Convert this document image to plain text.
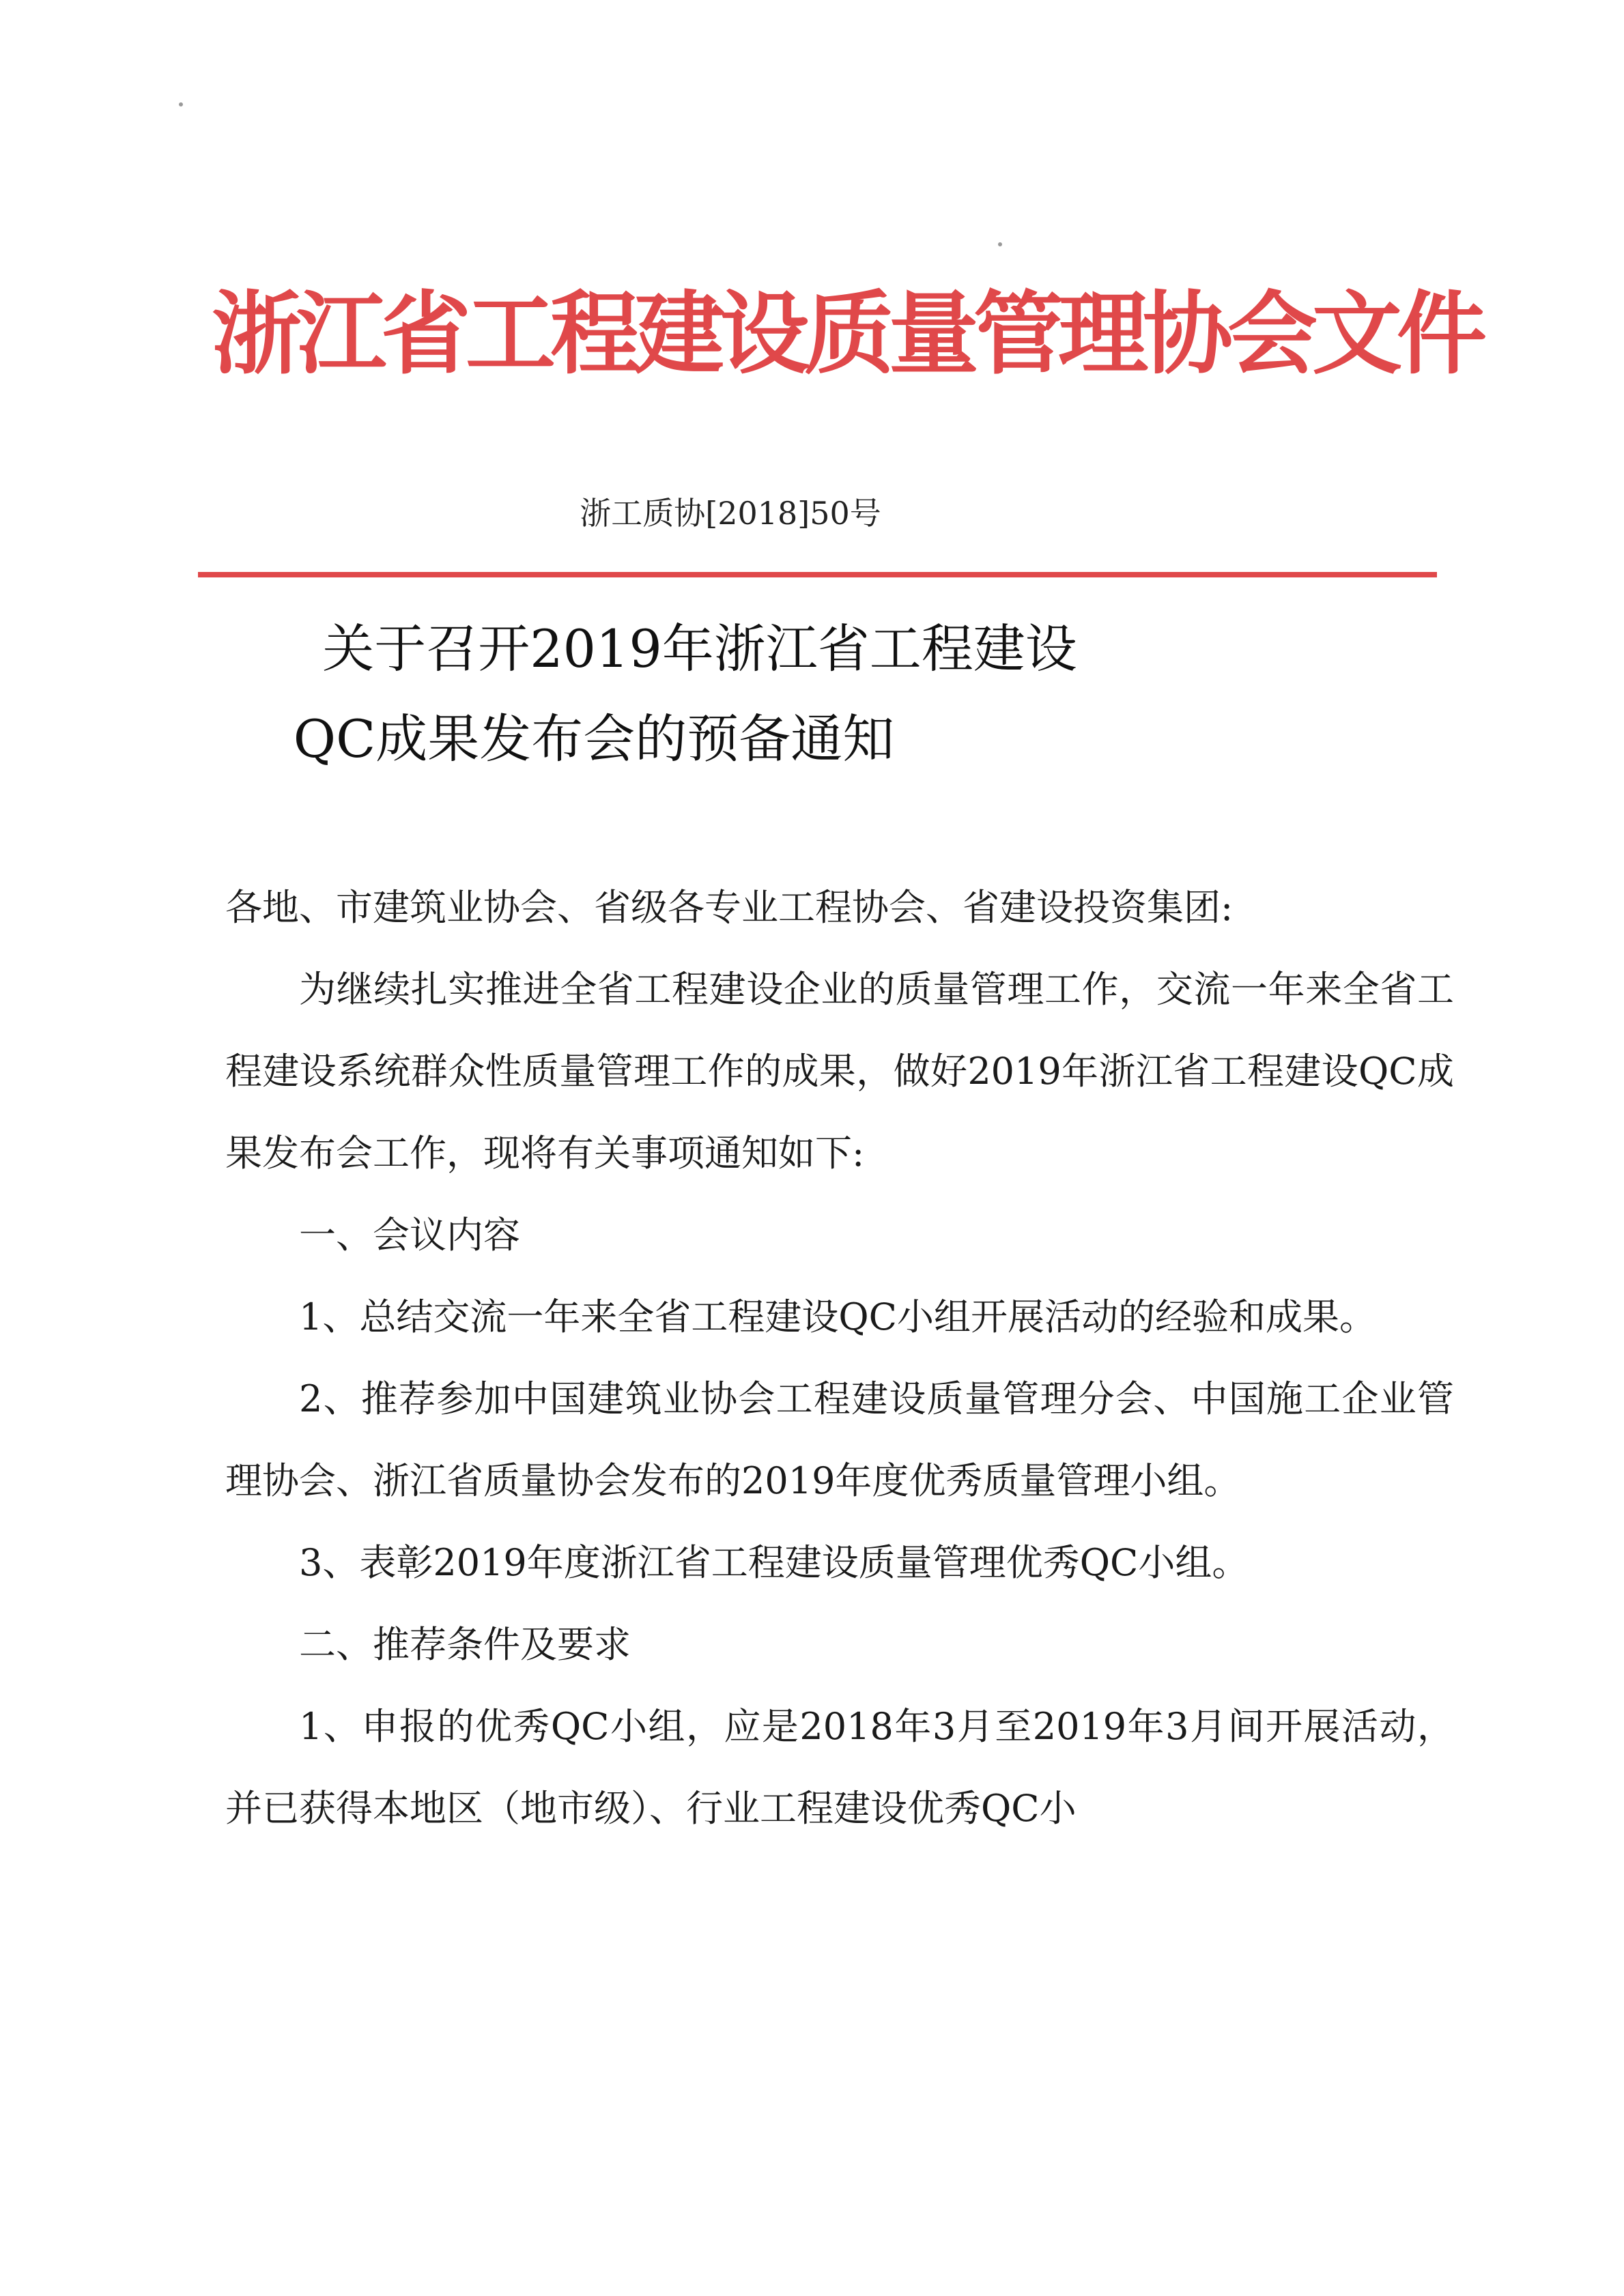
浙江省工程建设质量管理协会文件
浙工质协[2018]50号
关于召开2019年浙江省工程建设
QC成果发布会的预备通知

各地、市建筑业协会、省级各专业工程协会、省建设投资集团:

为继续扎实推进全省工程建设企业的质量管理工作，交流一年来全省工程建设系统群众性质量管理工作的成果，做好2019年浙江省工程建设QC成果发布会工作，现将有关事项通知如下:

一、会议内容

1、总结交流一年来全省工程建设QC小组开展活动的经验和成果。

2、推荐参加中国建筑业协会工程建设质量管理分会、中国施工企业管理协会、浙江省质量协会发布的2019年度优秀质量管理小组。

3、表彰2019年度浙江省工程建设质量管理优秀QC小组。

二、推荐条件及要求

1、申报的优秀QC小组，应是2018年3月至2019年3月间开展活动，并已获得本地区（地市级）、行业工程建设优秀QC小
